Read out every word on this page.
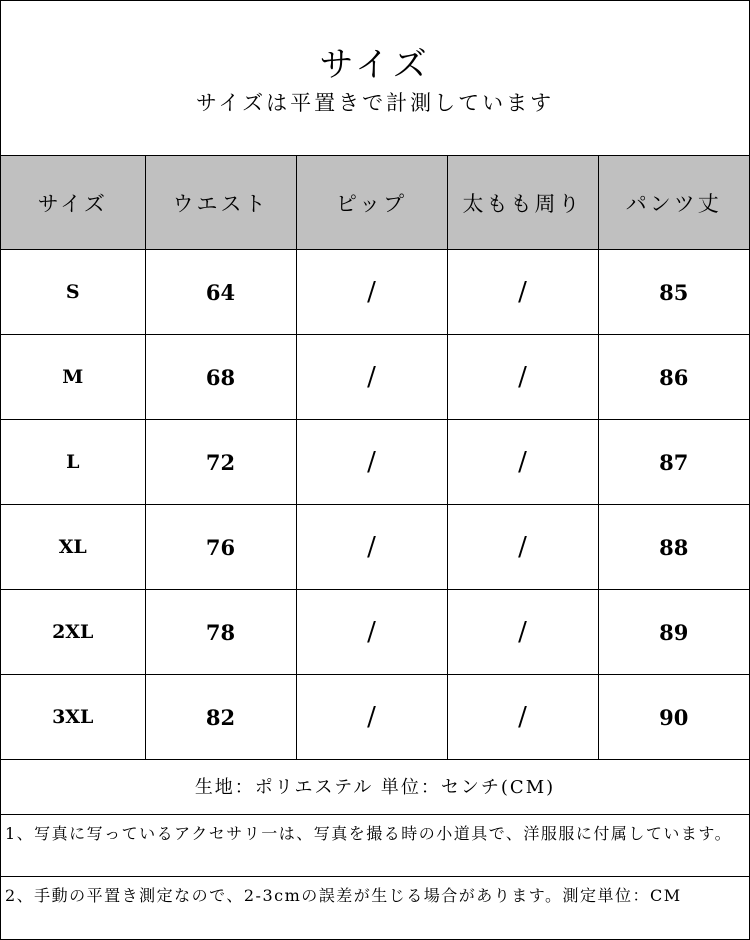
サイズ
サイズは平置きで計測しています
サイズ	ウエスト	ピップ	太もも周り	パンツ丈
S	64	/	/	85
M	68	/	/	86
L	72	/	/	87
XL	76	/	/	88
2XL	78	/	/	89
3XL	82	/	/	90
生地：ポリエステル 単位：センチ(CM)
1、写真に写っているアクセサリ一は、写真を撮る時の小道具で、洋服服に付属しています。
2、手動の平置き測定なので、2-3cmの誤差が生じる場合があります。測定単位：CM
